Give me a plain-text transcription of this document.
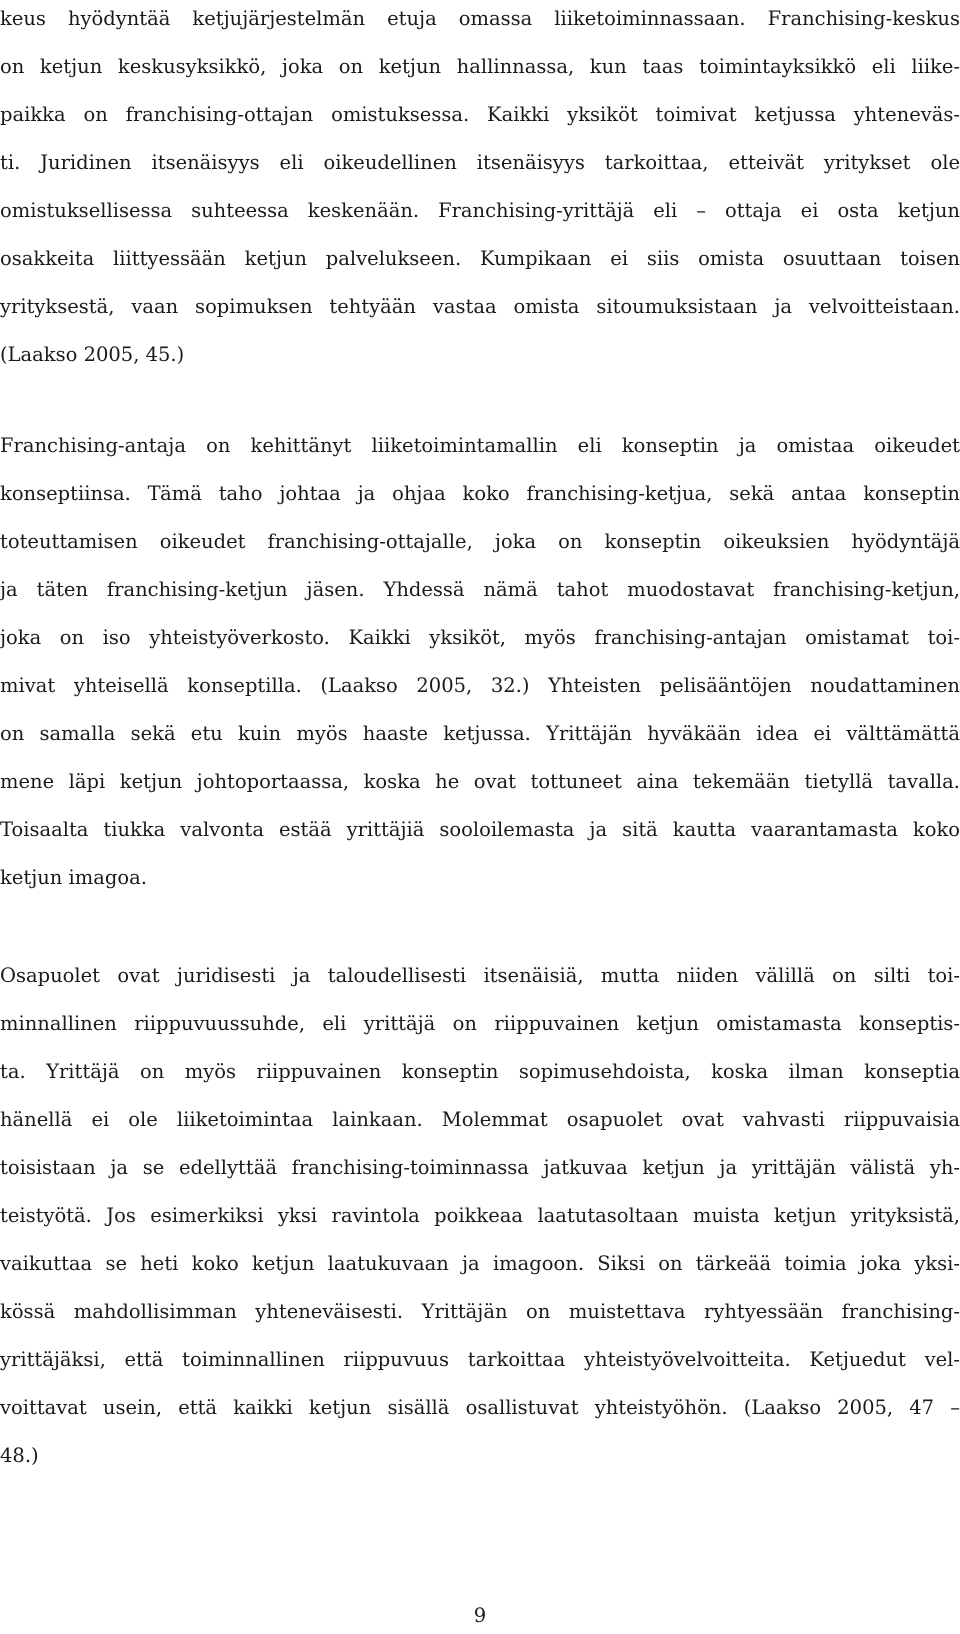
keus hyödyntää ketjujärjestelmän etuja omassa liiketoiminnassaan. Franchising-keskus
on ketjun keskusyksikkö, joka on ketjun hallinnassa, kun taas toimintayksikkö eli liike-
paikka on franchising-ottajan omistuksessa. Kaikki yksiköt toimivat ketjussa yhteneväs-
ti. Juridinen itsenäisyys eli oikeudellinen itsenäisyys tarkoittaa, etteivät yritykset ole
omistuksellisessa suhteessa keskenään. Franchising-yrittäjä eli – ottaja ei osta ketjun
osakkeita liittyessään ketjun palvelukseen. Kumpikaan ei siis omista osuuttaan toisen
yrityksestä, vaan sopimuksen tehtyään vastaa omista sitoumuksistaan ja velvoitteistaan.
(Laakso 2005, 45.)
Franchising-antaja on kehittänyt liiketoimintamallin eli konseptin ja omistaa oikeudet
konseptiinsa. Tämä taho johtaa ja ohjaa koko franchising-ketjua, sekä antaa konseptin
toteuttamisen oikeudet franchising-ottajalle, joka on konseptin oikeuksien hyödyntäjä
ja täten franchising-ketjun jäsen. Yhdessä nämä tahot muodostavat franchising-ketjun,
joka on iso yhteistyöverkosto. Kaikki yksiköt, myös franchising-antajan omistamat toi-
mivat yhteisellä konseptilla. (Laakso 2005, 32.) Yhteisten pelisääntöjen noudattaminen
on samalla sekä etu kuin myös haaste ketjussa. Yrittäjän hyväkään idea ei välttämättä
mene läpi ketjun johtoportaassa, koska he ovat tottuneet aina tekemään tietyllä tavalla.
Toisaalta tiukka valvonta estää yrittäjiä sooloilemasta ja sitä kautta vaarantamasta koko
ketjun imagoa.
Osapuolet ovat juridisesti ja taloudellisesti itsenäisiä, mutta niiden välillä on silti toi-
minnallinen riippuvuussuhde, eli yrittäjä on riippuvainen ketjun omistamasta konseptis-
ta. Yrittäjä on myös riippuvainen konseptin sopimusehdoista, koska ilman konseptia
hänellä ei ole liiketoimintaa lainkaan. Molemmat osapuolet ovat vahvasti riippuvaisia
toisistaan ja se edellyttää franchising-toiminnassa jatkuvaa ketjun ja yrittäjän välistä yh-
teistyötä. Jos esimerkiksi yksi ravintola poikkeaa laatutasoltaan muista ketjun yrityksistä,
vaikuttaa se heti koko ketjun laatukuvaan ja imagoon. Siksi on tärkeää toimia joka yksi-
kössä mahdollisimman yhteneväisesti. Yrittäjän on muistettava ryhtyessään franchising-
yrittäjäksi, että toiminnallinen riippuvuus tarkoittaa yhteistyövelvoitteita. Ketjuedut vel-
voittavat usein, että kaikki ketjun sisällä osallistuvat yhteistyöhön. (Laakso 2005, 47 –
48.)
9
